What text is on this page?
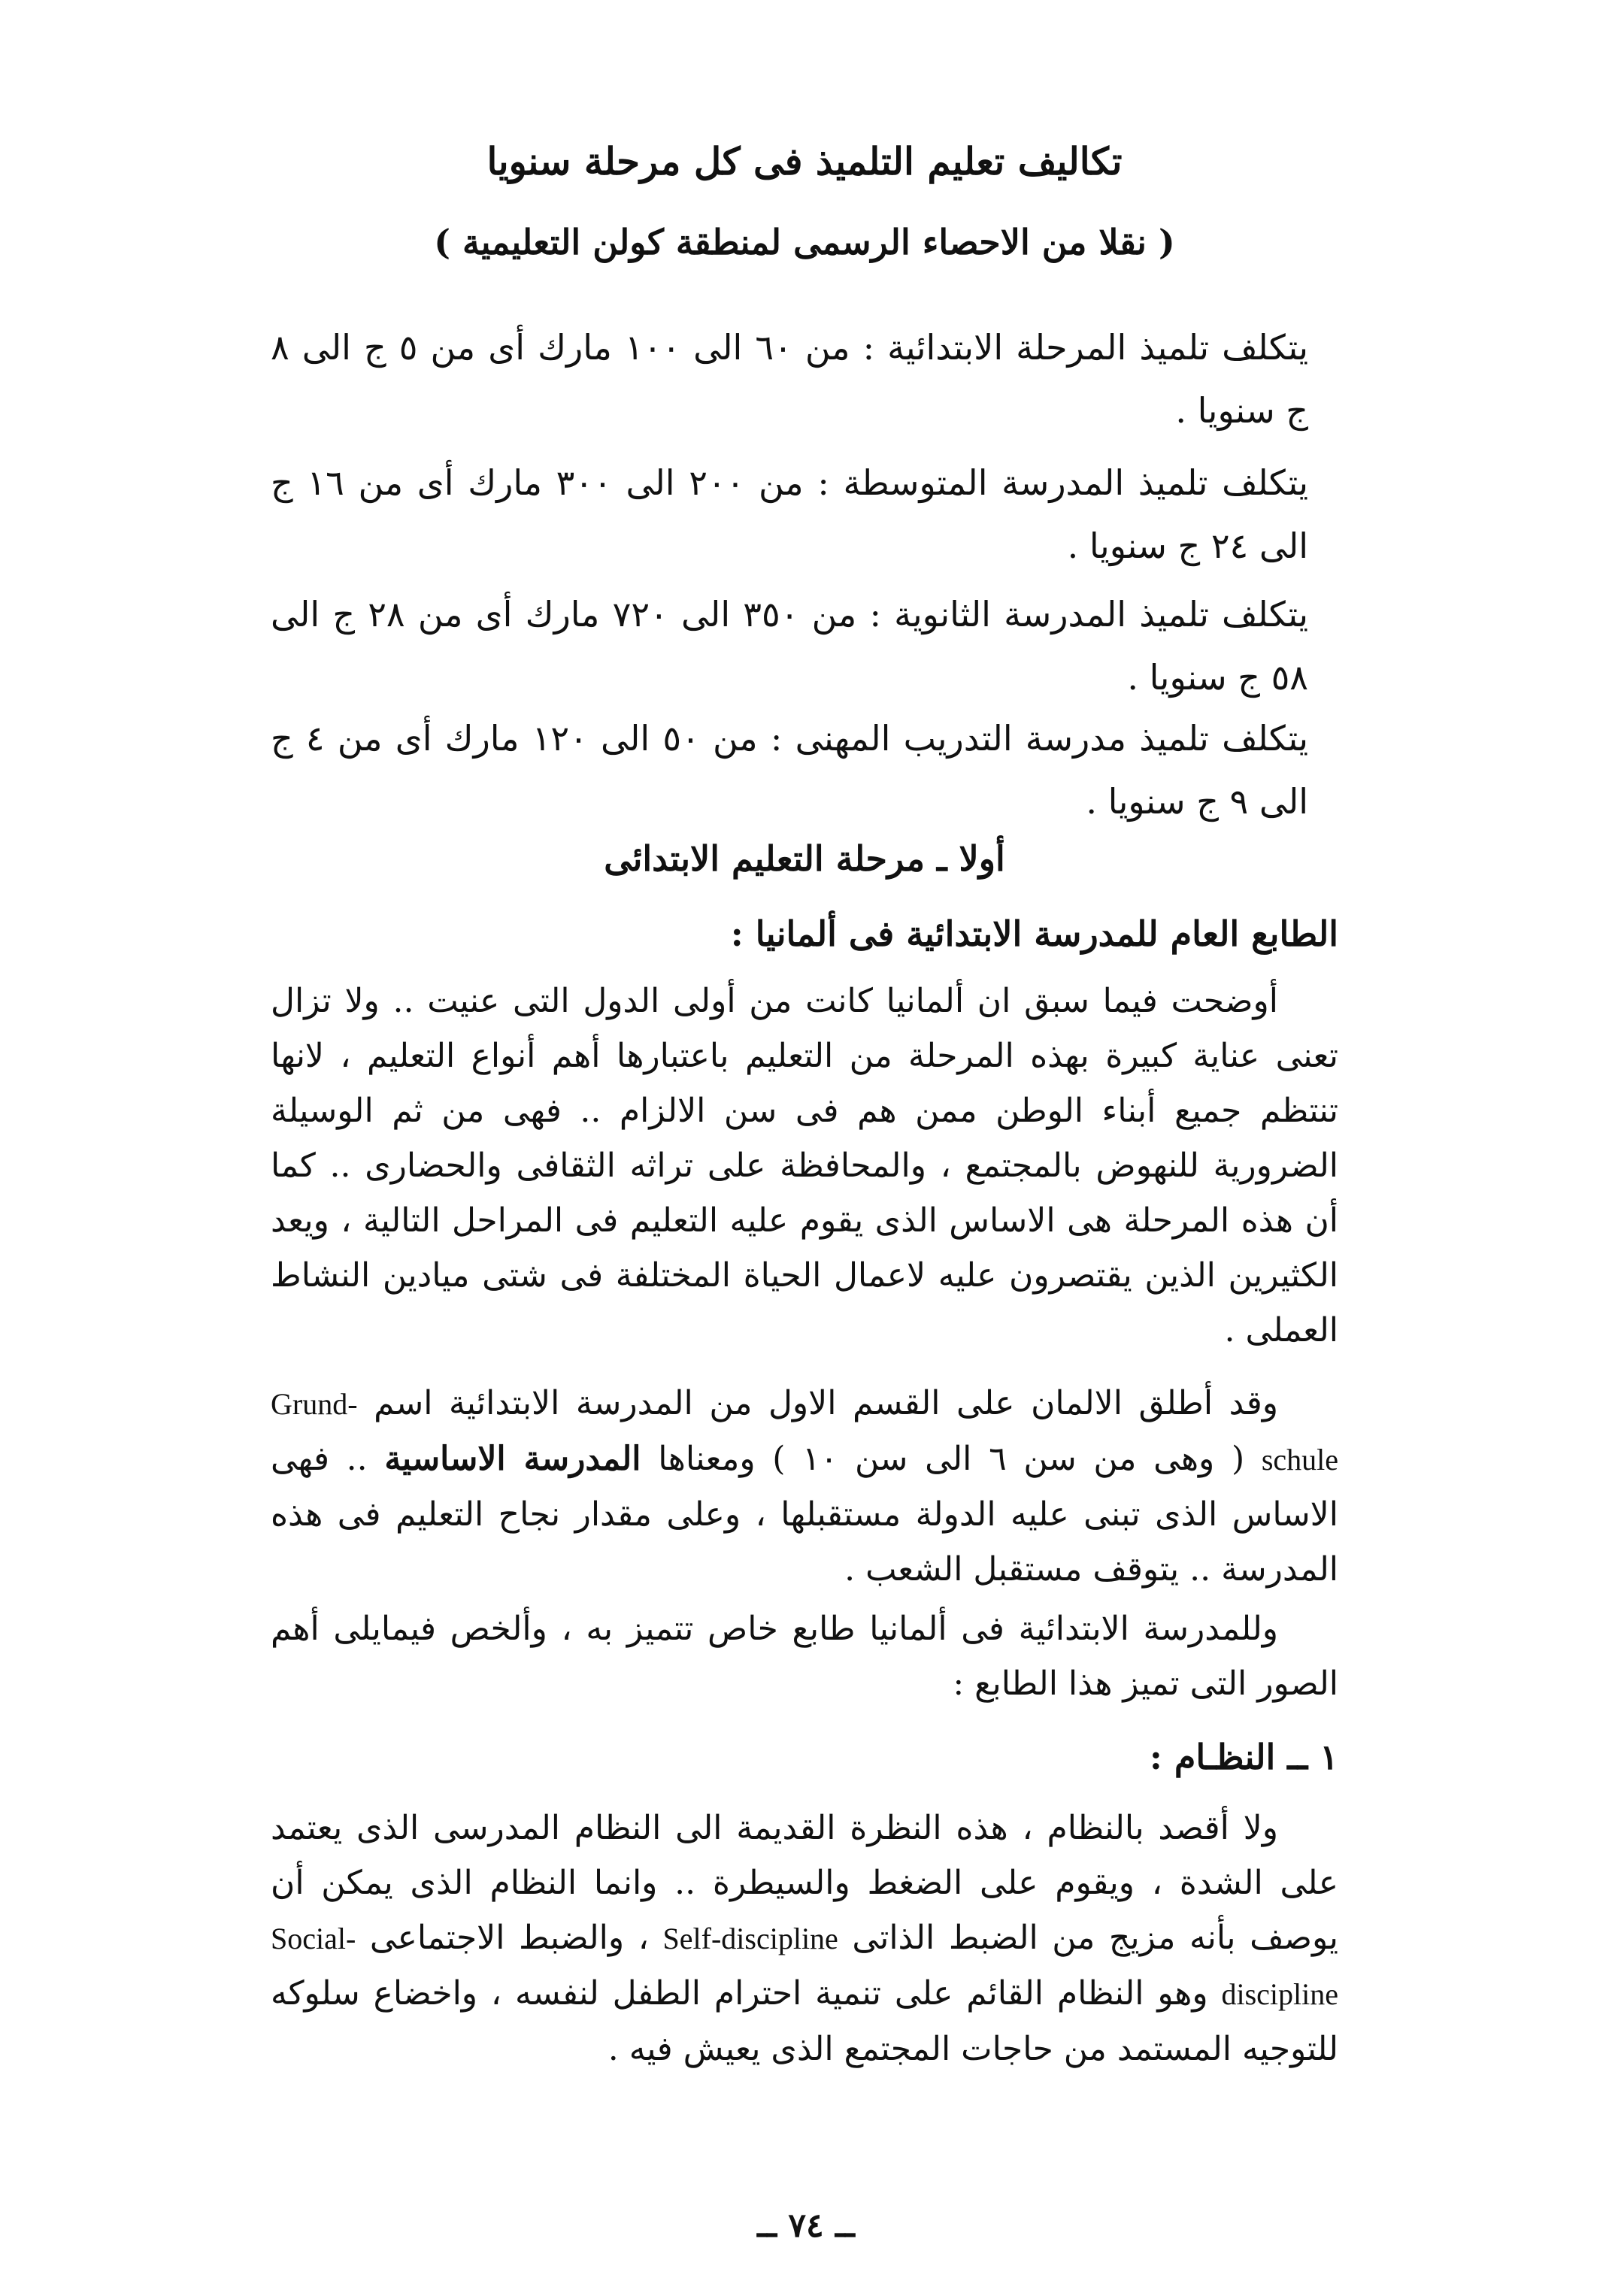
تكاليف تعليم التلميذ فى كل مرحلة سنويا
( نقلا من الاحصاء الرسمى لمنطقة كولن التعليمية )
يتكلف تلميذ المرحلة الابتدائية : من ٦٠ الى ١٠٠ مارك أى من ٥ ج الى ٨ ج سنويا .
يتكلف تلميذ المدرسة المتوسطة : من ٢٠٠ الى ٣٠٠ مارك أى من ١٦ ج الى ٢٤ ج سنويا .
يتكلف تلميذ المدرسة الثانوية : من ٣٥٠ الى ٧٢٠ مارك أى من ٢٨ ج الى ٥٨ ج سنويا .
يتكلف تلميذ مدرسة التدريب المهنى : من ٥٠ الى ١٢٠ مارك أى من ٤ ج الى ٩ ج سنويا .
أولا ـ مرحلة التعليم الابتدائى
الطابع العام للمدرسة الابتدائية فى ألمانيا :
أوضحت فيما سبق ان ألمانيا كانت من أولى الدول التى عنيت .. ولا تزال تعنى عناية كبيرة بهذه المرحلة من التعليم باعتبارها أهم أنواع التعليم ، لانها تنتظم جميع أبناء الوطن ممن هم فى سن الالزام .. فهى من ثم الوسيلة الضرورية للنهوض بالمجتمع ، والمحافظة على تراثه الثقافى والحضارى .. كما أن هذه المرحلة هى الاساس الذى يقوم عليه التعليم فى المراحل التالية ، ويعد الكثيرين الذين يقتصرون عليه لاعمال الحياة المختلفة فى شتى ميادين النشاط العملى .
وقد أطلق الالمان على القسم الاول من المدرسة الابتدائية اسم Grund-schule ( وهى من سن ٦ الى سن ١٠ ) ومعناها المدرسة الاساسية .. فهى الاساس الذى تبنى عليه الدولة مستقبلها ، وعلى مقدار نجاح التعليم فى هذه المدرسة .. يتوقف مستقبل الشعب .
وللمدرسة الابتدائية فى ألمانيا طابع خاص تتميز به ، وألخص فيمايلى أهم الصور التى تميز هذا الطابع :
١ ــ النظـام :
ولا أقصد بالنظام ، هذه النظرة القديمة الى النظام المدرسى الذى يعتمد على الشدة ، ويقوم على الضغط والسيطرة .. وانما النظام الذى يمكن أن يوصف بأنه مزيج من الضبط الذاتى Self-discipline ، والضبط الاجتماعى Social-discipline وهو النظام القائم على تنمية احترام الطفل لنفسه ، واخضاع سلوكه للتوجيه المستمد من حاجات المجتمع الذى يعيش فيه .
ــ ٧٤ ــ
